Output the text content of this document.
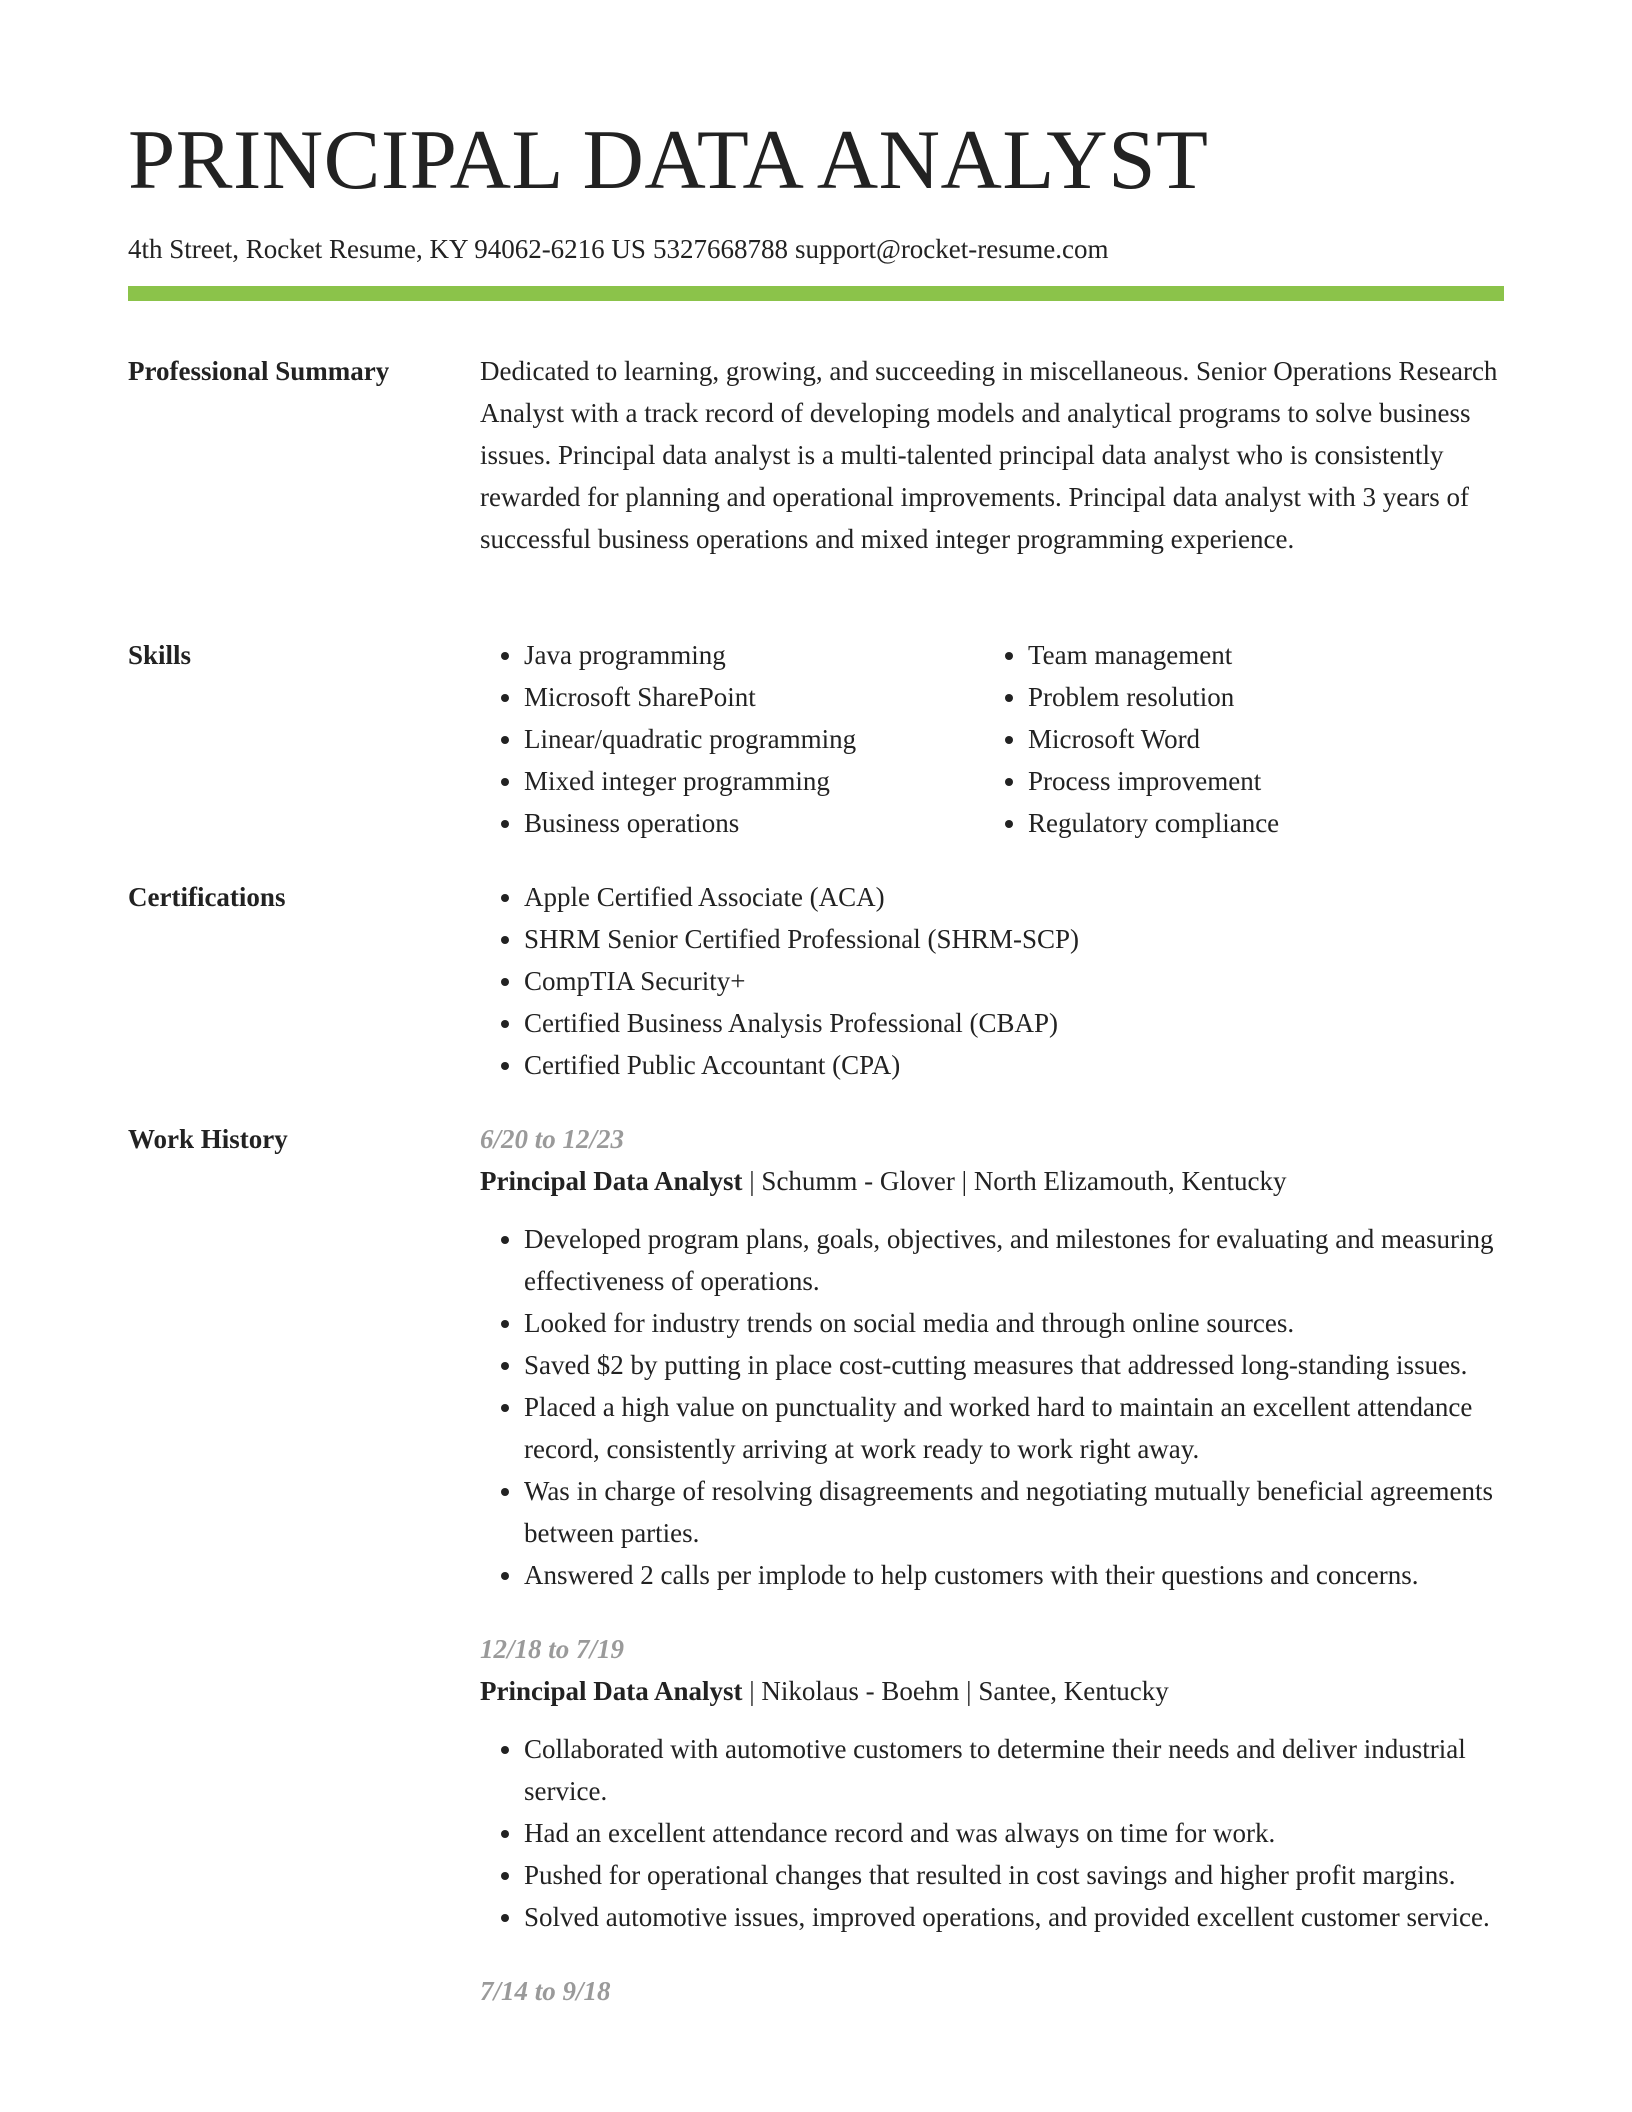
PRINCIPAL DATA ANALYST
4th Street, Rocket Resume, KY 94062-6216 US 5327668788 support@rocket-resume.com
Professional Summary	Dedicated to learning, growing, and succeeding in miscellaneous. Senior Operations Research Analyst with a track record of developing models and analytical programs to solve business issues. Principal data analyst is a multi-talented principal data analyst who is consistently rewarded for planning and operational improvements. Principal data analyst with 3 years of successful business operations and mixed integer programming experience.

Skills	• Java programming
• Microsoft SharePoint
• Linear/quadratic programming
• Mixed integer programming
• Business operations
• Team management
• Problem resolution
• Microsoft Word
• Process improvement
• Regulatory compliance
Certifications	• Apple Certified Associate (ACA)
• SHRM Senior Certified Professional (SHRM-SCP)
• CompTIA Security+
• Certified Business Analysis Professional (CBAP)
• Certified Public Accountant (CPA)
Work History	6/20 to 12/23
Principal Data Analyst | Schumm - Glover | North Elizamouth, Kentucky
• Developed program plans, goals, objectives, and milestones for evaluating and measuring effectiveness of operations.
• Looked for industry trends on social media and through online sources.
• Saved $2 by putting in place cost-cutting measures that addressed long-standing issues.
• Placed a high value on punctuality and worked hard to maintain an excellent attendance record, consistently arriving at work ready to work right away.
• Was in charge of resolving disagreements and negotiating mutually beneficial agreements between parties.
• Answered 2 calls per implode to help customers with their questions and concerns.
12/18 to 7/19
Principal Data Analyst | Nikolaus - Boehm | Santee, Kentucky
• Collaborated with automotive customers to determine their needs and deliver industrial service.
• Had an excellent attendance record and was always on time for work.
• Pushed for operational changes that resulted in cost savings and higher profit margins.
• Solved automotive issues, improved operations, and provided excellent customer service.
7/14 to 9/18
